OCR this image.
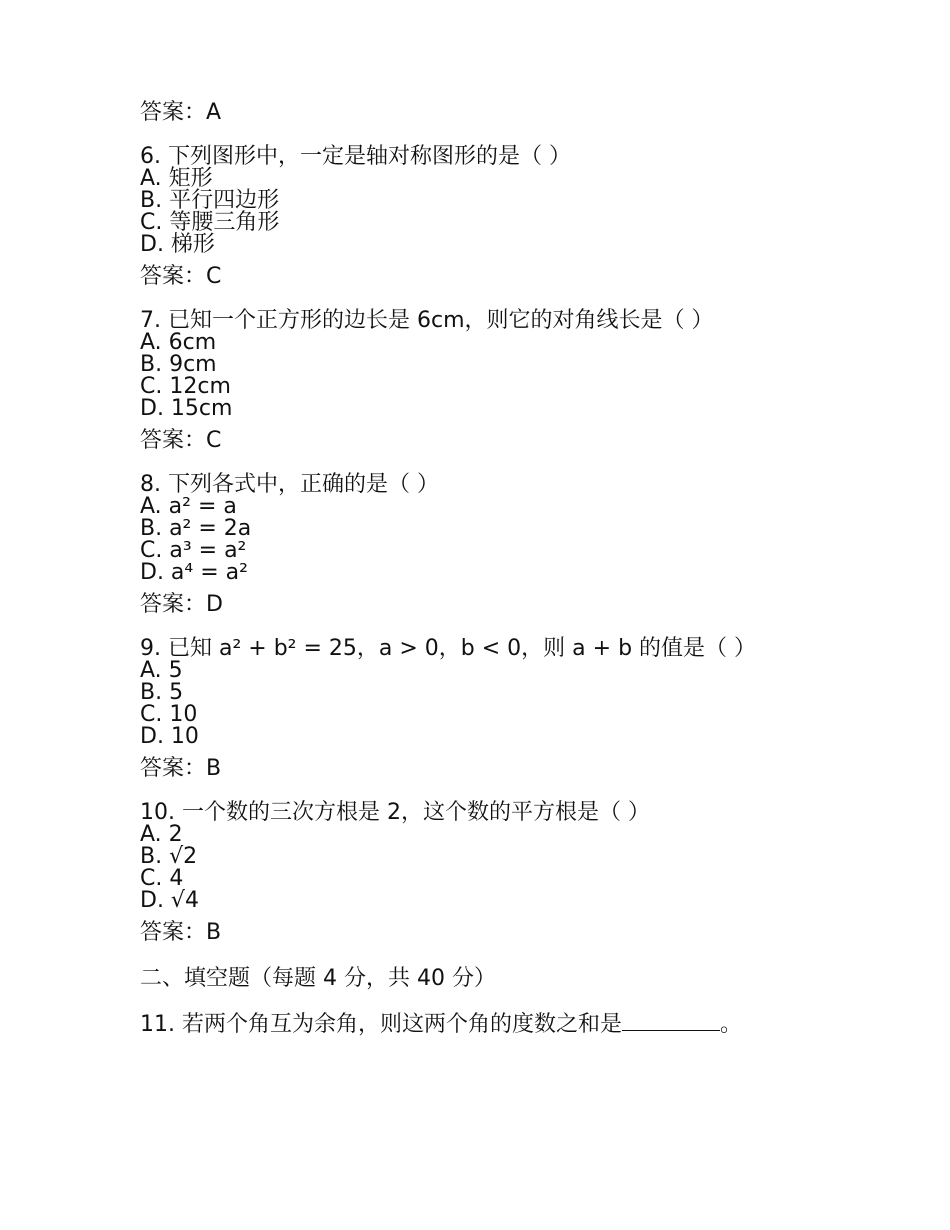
答案：A
6. 下列图形中，一定是轴对称图形的是（ ）
A. 矩形
B. 平行四边形
C. 等腰三角形
D. 梯形
答案：C
7. 已知一个正方形的边长是 6cm，则它的对角线长是（ ）
A. 6cm
B. 9cm
C. 12cm
D. 15cm
答案：C
8. 下列各式中，正确的是（ ）
A. a² = a
B. a² = 2a
C. a³ = a²
D. a⁴ = a²
答案：D
9. 已知 a² + b² = 25，a > 0，b < 0，则 a + b 的值是（ ）
A. 5
B. 5
C. 10
D. 10
答案：B
10. 一个数的三次方根是 2，这个数的平方根是（ ）
A. 2
B. √2
C. 4
D. √4
答案：B
二、填空题（每题 4 分，共 40 分）
11. 若两个角互为余角，则这两个角的度数之和是	。
